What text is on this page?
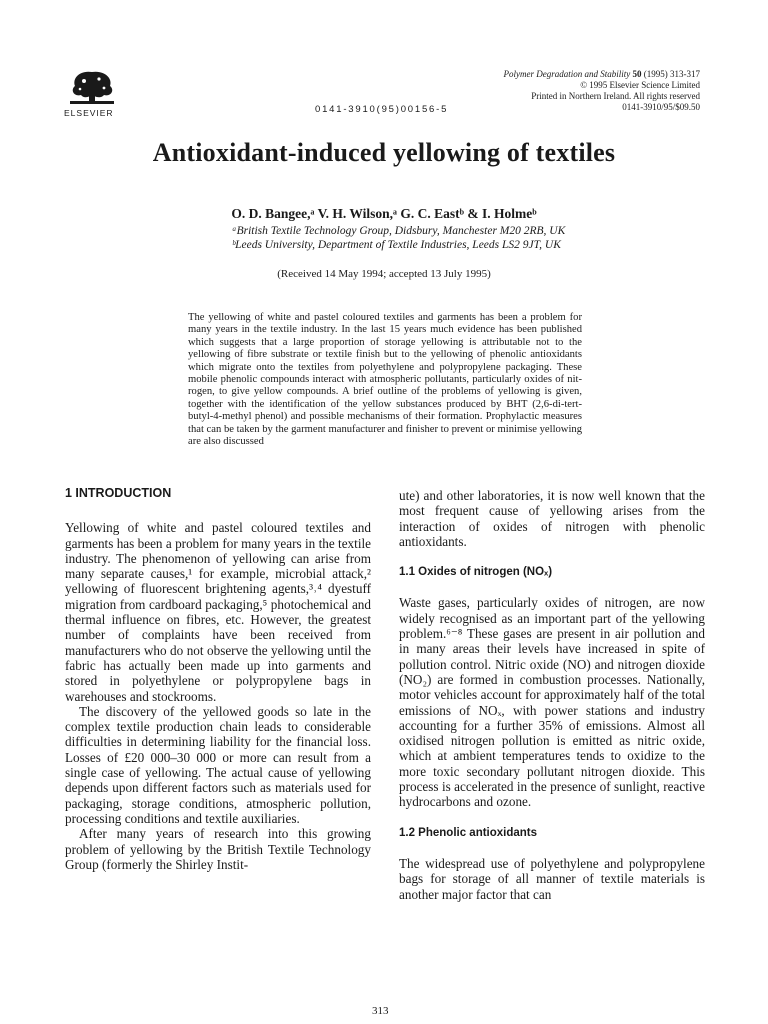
ELSEVIER	0141-3910(95)00156-5
Polymer Degradation and Stability 50 (1995) 313-317
© 1995 Elsevier Science Limited
Printed in Northern Ireland. All rights reserved
0141-3910/95/$09.50
Antioxidant-induced yellowing of textiles
O. D. Bangee,ᵃ V. H. Wilson,ᵃ G. C. Eastᵇ & I. Holmeᵇ
ᵃBritish Textile Technology Group, Didsbury, Manchester M20 2RB, UK
ᵇLeeds University, Department of Textile Industries, Leeds LS2 9JT, UK
(Received 14 May 1994; accepted 13 July 1995)
The yellowing of white and pastel coloured textiles and garments has been a problem for many years in the textile industry. In the last 15 years much evidence has been published which suggests that a large proportion of storage yellowing is attributable not to the yellowing of fibre substrate or textile finish but to the yellowing of phenolic antioxidants which migrate onto the textiles from polyethylene and polypropylene packaging. These mobile phenolic compounds interact with atmospheric pollutants, particularly oxides of nitrogen, to give yellow compounds. A brief outline of the problems of yellowing is given, together with the identification of the yellow substances produced by BHT (2,6-di-tert-butyl-4-methyl phenol) and possible mechanisms of their formation. Prophylactic measures that can be taken by the garment manufacturer and finisher to prevent or minimise yellowing are also discussed
1 INTRODUCTION

Yellowing of white and pastel coloured textiles and garments has been a problem for many years in the textile industry. The phenomenon of yellowing can arise from many separate causes,¹ for example, microbial attack,² yellowing of fluorescent brightening agents,³˒⁴ dyestuff migration from cardboard packaging,⁵ photochemical and thermal influence on fibres, etc. However, the greatest number of complaints have been received from manufacturers who do not observe the yellowing until the fabric has actually been made up into garments and stored in polyethylene or polypropylene bags in warehouses and stockrooms.

The discovery of the yellowed goods so late in the complex textile production chain leads to considerable difficulties in determining liability for the financial loss. Losses of £20 000–30 000 or more can result from a single case of yellowing. The actual cause of yellowing depends upon different factors such as materials used for packaging, storage conditions, atmospheric pollution, processing conditions and textile auxiliaries.

After many years of research into this growing problem of yellowing by the British Textile Technology Group (formerly the Shirley Instit-

ute) and other laboratories, it is now well known that the most frequent cause of yellowing arises from the interaction of oxides of nitrogen with phenolic antioxidants.

1.1 Oxides of nitrogen (NOₓ)

Waste gases, particularly oxides of nitrogen, are now widely recognised as an important part of the yellowing problem.⁶⁻⁸ These gases are present in air pollution and in many areas their levels have increased in spite of pollution control. Nitric oxide (NO) and nitrogen dioxide (NO₂) are formed in combustion processes. Nationally, motor vehicles account for approximately half of the total emissions of NOₓ, with power stations and industry accounting for a further 35% of emissions. Almost all oxidised nitrogen pollution is emitted as nitric oxide, which at ambient temperatures tends to oxidize to the more toxic secondary pollutant nitrogen dioxide. This process is accelerated in the presence of sunlight, reactive hydrocarbons and ozone.

1.2 Phenolic antioxidants

The widespread use of polyethylene and polypropylene bags for storage of all manner of textile materials is another major factor that can

313
